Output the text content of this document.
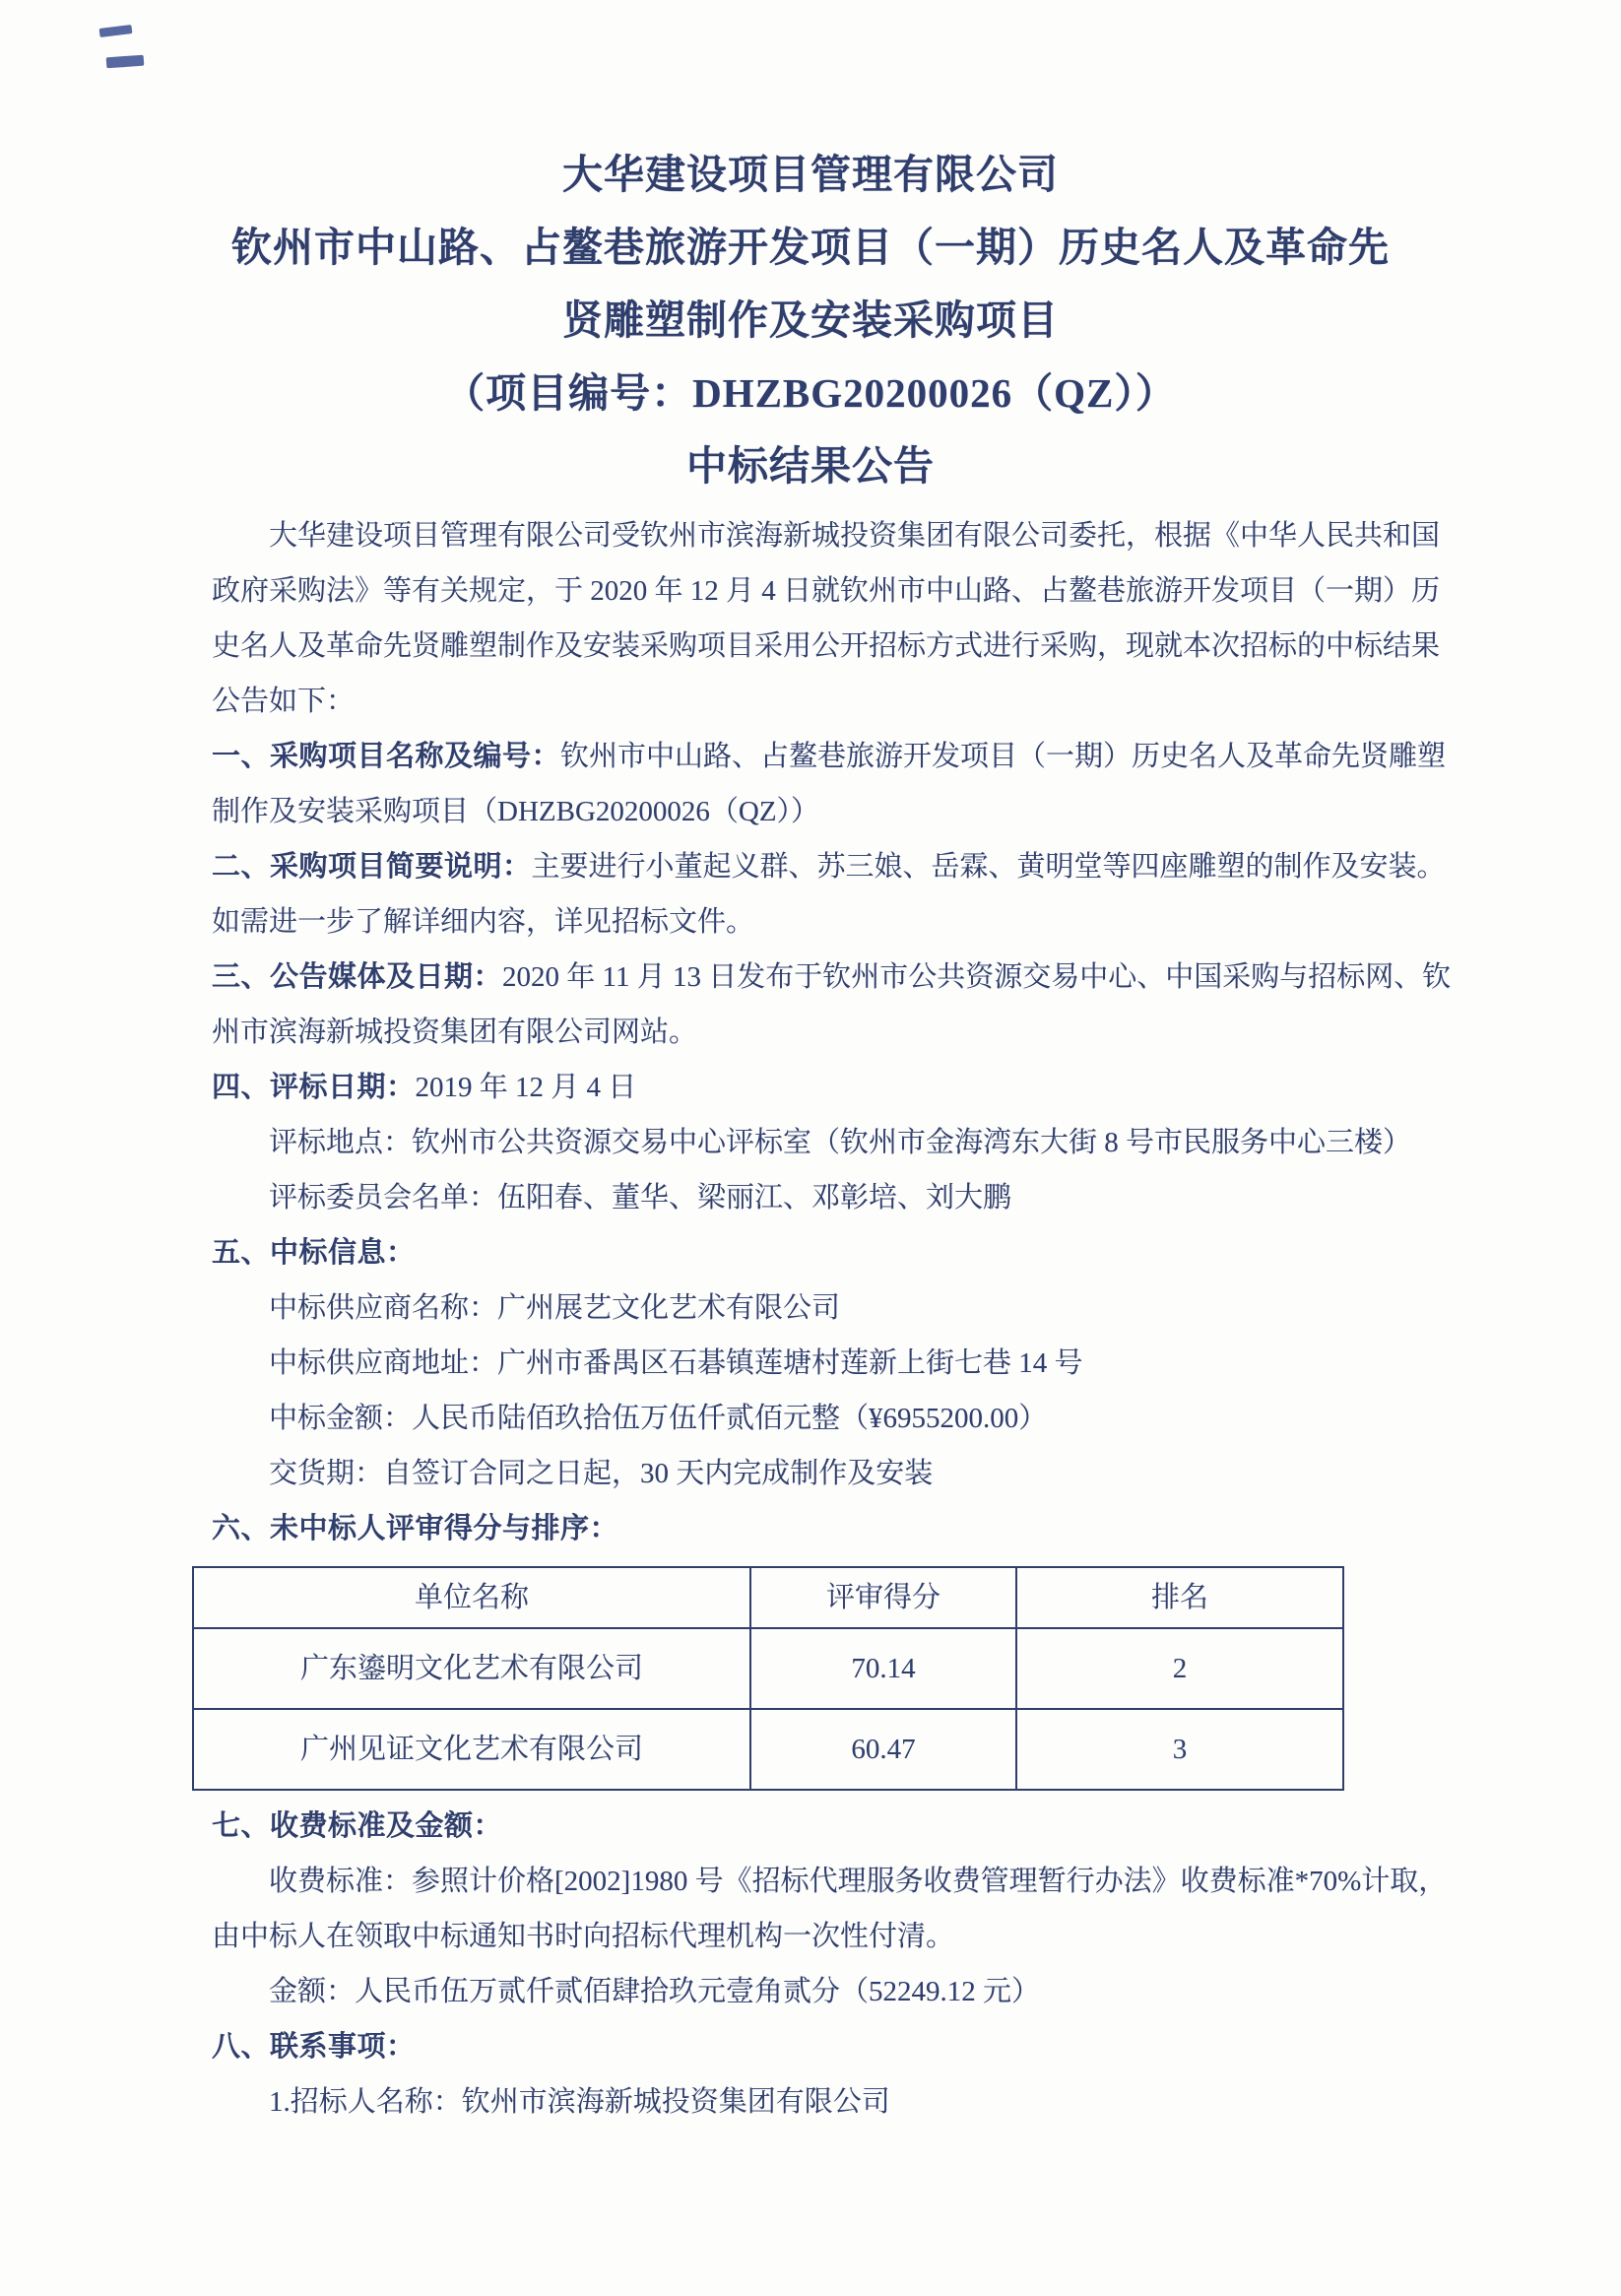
大华建设项目管理有限公司
钦州市中山路、占鳌巷旅游开发项目（一期）历史名人及革命先
贤雕塑制作及安装采购项目
（项目编号：DHZBG20200026（QZ））
中标结果公告
大华建设项目管理有限公司受钦州市滨海新城投资集团有限公司委托，根据《中华人民共和国
政府采购法》等有关规定，于 2020 年 12 月 4 日就钦州市中山路、占鳌巷旅游开发项目（一期）历
史名人及革命先贤雕塑制作及安装采购项目采用公开招标方式进行采购，现就本次招标的中标结果
公告如下：
一、采购项目名称及编号：钦州市中山路、占鳌巷旅游开发项目（一期）历史名人及革命先贤雕塑
制作及安装采购项目（DHZBG20200026（QZ））
二、采购项目简要说明：主要进行小董起义群、苏三娘、岳霖、黄明堂等四座雕塑的制作及安装。
如需进一步了解详细内容，详见招标文件。
三、公告媒体及日期：2020 年 11 月 13 日发布于钦州市公共资源交易中心、中国采购与招标网、钦
州市滨海新城投资集团有限公司网站。
四、评标日期：2019 年 12 月 4 日
评标地点：钦州市公共资源交易中心评标室（钦州市金海湾东大街 8 号市民服务中心三楼）
评标委员会名单：伍阳春、董华、梁丽江、邓彰培、刘大鹏
五、中标信息：
中标供应商名称：广州展艺文化艺术有限公司
中标供应商地址：广州市番禺区石碁镇莲塘村莲新上街七巷 14 号
中标金额：人民币陆佰玖拾伍万伍仟贰佰元整（¥6955200.00）
交货期：自签订合同之日起，30 天内完成制作及安装
六、未中标人评审得分与排序：
单位名称	评审得分	排名
广东鎏明文化艺术有限公司	70.14	2
广州见证文化艺术有限公司	60.47	3
七、收费标准及金额：
收费标准：参照计价格[2002]1980 号《招标代理服务收费管理暂行办法》收费标准*70%计取，
由中标人在领取中标通知书时向招标代理机构一次性付清。
金额：人民币伍万贰仟贰佰肆拾玖元壹角贰分（52249.12 元）
八、联系事项：
1.招标人名称：钦州市滨海新城投资集团有限公司
